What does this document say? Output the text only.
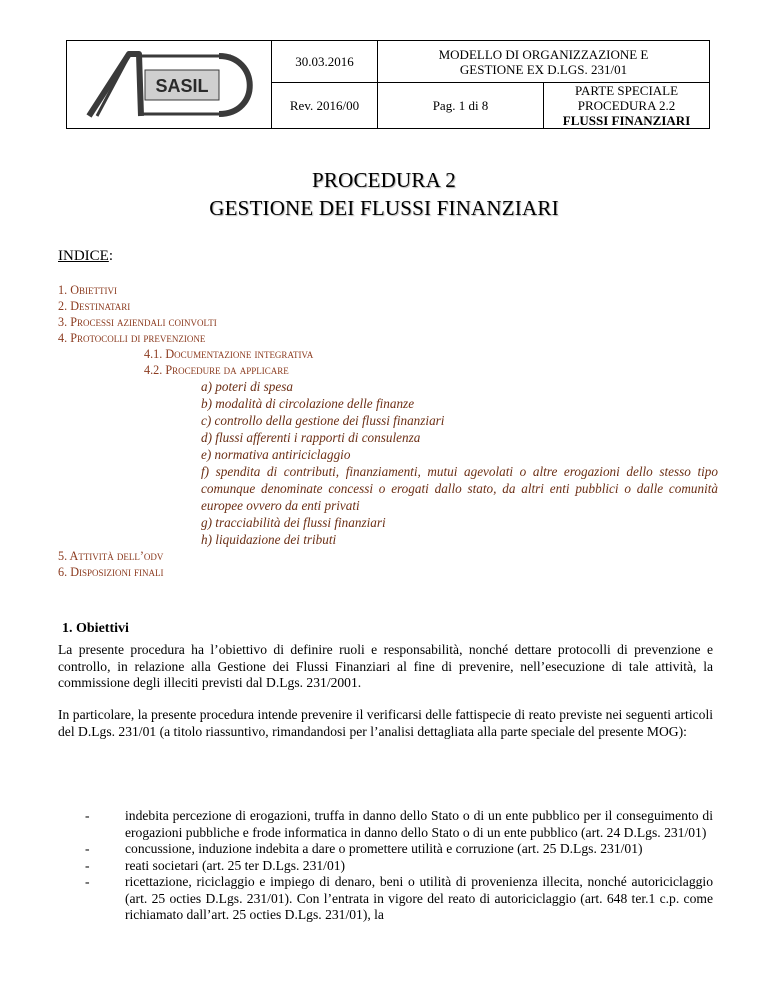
SASIL	30.03.2016	MODELLO DI ORGANIZZAZIONE E
GESTIONE EX D.LGS. 231/01	

	Rev. 2016/00	Pag. 1 di 8	PARTE SPECIALE
PROCEDURA 2.2
FLUSSI FINANZIARI
PROCEDURA 2
GESTIONE DEI FLUSSI FINANZIARI
INDICE:

1. Obiettivi

2. Destinatari

3. Processi aziendali coinvolti

4. Protocolli di prevenzione

4.1. Documentazione integrativa

4.2. Procedure da applicare

a) poteri di spesa

b) modalità di circolazione delle finanze

c) controllo della gestione dei flussi finanziari

d) flussi afferenti i rapporti di consulenza

e) normativa antiriciclaggio

f) spendita di contributi, finanziamenti, mutui agevolati o altre erogazioni dello stesso tipo comunque denominate concessi o erogati dallo stato, da altri enti pubblici o dalle comunità europee ovvero da enti privati

g) tracciabilità dei flussi finanziari

h) liquidazione dei tributi

5. Attività dell’odv

6. Disposizioni finali

1. Obiettivi

La presente procedura ha l’obiettivo di definire ruoli e responsabilità, nonché dettare protocolli di prevenzione e controllo, in relazione alla Gestione dei Flussi Finanziari al fine di prevenire, nell’esecuzione di tale attività, la commissione degli illeciti previsti dal D.Lgs. 231/2001.

In particolare, la presente procedura intende prevenire il verificarsi delle fattispecie di reato previste nei seguenti articoli del D.Lgs. 231/01 (a titolo riassuntivo, rimandandosi per l’analisi dettagliata alla parte speciale del presente MOG):

- indebita percezione di erogazioni, truffa in danno dello Stato o di un ente pubblico per il conseguimento di erogazioni pubbliche e frode informatica in danno dello Stato o di un ente pubblico (art. 24 D.Lgs. 231/01)
- concussione, induzione indebita a dare o promettere utilità e corruzione (art. 25 D.Lgs. 231/01)
- reati societari (art. 25 ter D.Lgs. 231/01)
- ricettazione, riciclaggio e impiego di denaro, beni o utilità di provenienza illecita, nonché autoriciclaggio (art. 25 octies D.Lgs. 231/01). Con l’entrata in vigore del reato di autoriciclaggio (art. 648 ter.1 c.p. come richiamato dall’art. 25 octies D.Lgs. 231/01), la
